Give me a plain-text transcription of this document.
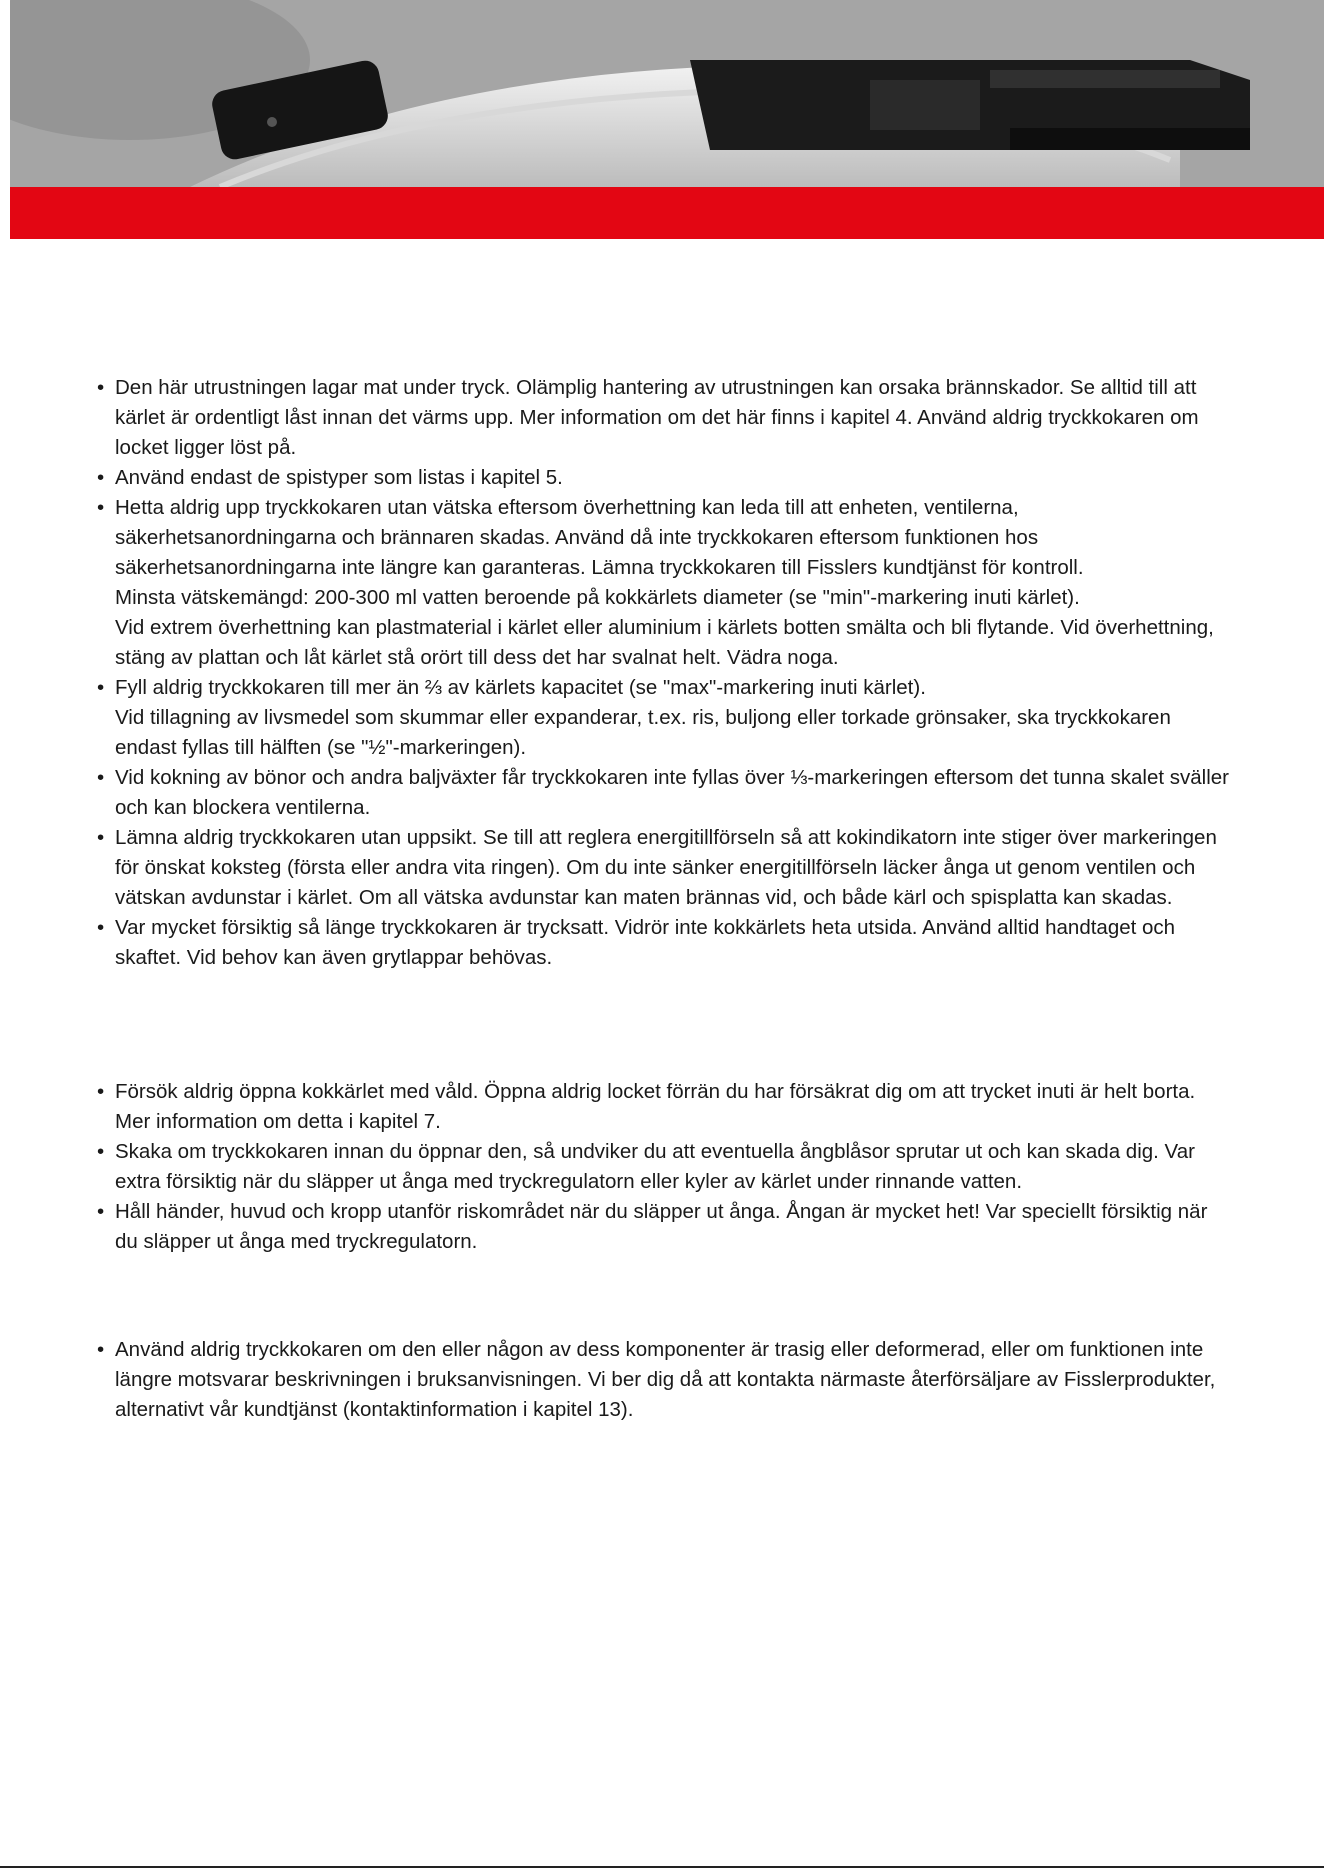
• Den här utrustningen lagar mat under tryck. Olämplig hantering av utrustningen kan orsaka brännskador. Se alltid till att kärlet är ordentligt låst innan det värms upp. Mer information om det här finns i kapitel 4. Använd aldrig tryckkokaren om locket ligger löst på.

• Använd endast de spistyper som listas i kapitel 5.

• Hetta aldrig upp tryckkokaren utan vätska eftersom överhettning kan leda till att enheten, ventilerna, säkerhetsanordningarna och brännaren skadas. Använd då inte tryckkokaren eftersom funktionen hos säkerhetsanordningarna inte längre kan garanteras. Lämna tryckkokaren till Fisslers kundtjänst för kontroll.

Minsta vätskemängd: 200-300 ml vatten beroende på kokkärlets diameter (se "min"-markering inuti kärlet).

Vid extrem överhettning kan plastmaterial i kärlet eller aluminium i kärlets botten smälta och bli flytande. Vid överhettning, stäng av plattan och låt kärlet stå orört till dess det har svalnat helt. Vädra noga.

• Fyll aldrig tryckkokaren till mer än ⅔ av kärlets kapacitet (se "max"-markering inuti kärlet).

Vid tillagning av livsmedel som skummar eller expanderar, t.ex. ris, buljong eller torkade grönsaker, ska tryckkokaren endast fyllas till hälften (se "½"-markeringen).

• Vid kokning av bönor och andra baljväxter får tryckkokaren inte fyllas över ⅓-markeringen eftersom det tunna skalet sväller och kan blockera ventilerna.

• Lämna aldrig tryckkokaren utan uppsikt. Se till att reglera energitillförseln så att kokindikatorn inte stiger över markeringen för önskat koksteg (första eller andra vita ringen). Om du inte sänker energitillförseln läcker ånga ut genom ventilen och vätskan avdunstar i kärlet. Om all vätska avdunstar kan maten brännas vid, och både kärl och spisplatta kan skadas.

• Var mycket försiktig så länge tryckkokaren är trycksatt. Vidrör inte kokkärlets heta utsida. Använd alltid handtaget och skaftet. Vid behov kan även grytlappar behövas.

• Försök aldrig öppna kokkärlet med våld. Öppna aldrig locket förrän du har försäkrat dig om att trycket inuti är helt borta. Mer information om detta i kapitel 7.

• Skaka om tryckkokaren innan du öppnar den, så undviker du att eventuella ångblåsor sprutar ut och kan skada dig. Var extra försiktig när du släpper ut ånga med tryckregulatorn eller kyler av kärlet under rinnande vatten.

• Håll händer, huvud och kropp utanför riskområdet när du släpper ut ånga. Ångan är mycket het! Var speciellt försiktig när du släpper ut ånga med tryckregulatorn.

• Använd aldrig tryckkokaren om den eller någon av dess komponenter är trasig eller deformerad, eller om funktionen inte längre motsvarar beskrivningen i bruksanvisningen. Vi ber dig då att kontakta närmaste återförsäljare av Fisslerprodukter, alternativt vår kundtjänst (kontaktinformation i kapitel 13).
